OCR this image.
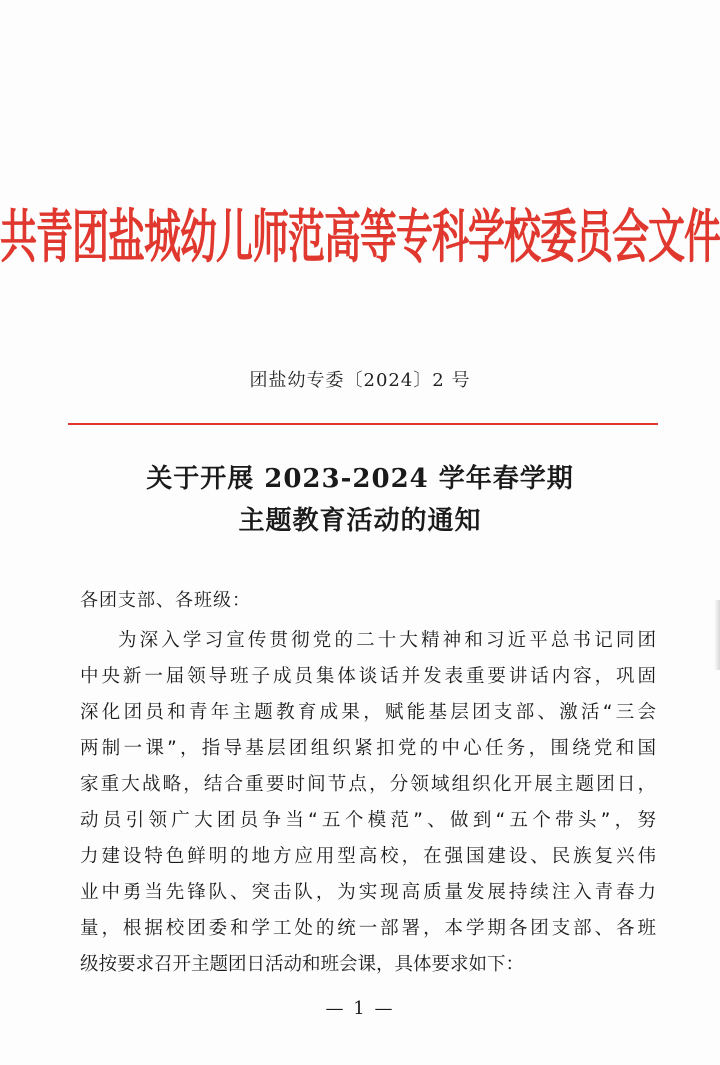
共青团盐城幼儿师范高等专科学校委员会文件
团盐幼专委〔2024〕2 号
关于开展 2023-2024 学年春学期
主题教育活动的通知
各团支部、各班级：
为深入学习宣传贯彻党的二十大精神和习近平总书记同团
中央新一届领导班子成员集体谈话并发表重要讲话内容，巩固
深化团员和青年主题教育成果，赋能基层团支部、激活“三会
两制一课”，指导基层团组织紧扣党的中心任务，围绕党和国
家重大战略，结合重要时间节点，分领域组织化开展主题团日，
动员引领广大团员争当“五个模范”、做到“五个带头”，努
力建设特色鲜明的地方应用型高校，在强国建设、民族复兴伟
业中勇当先锋队、突击队，为实现高质量发展持续注入青春力
量，根据校团委和学工处的统一部署，本学期各团支部、各班
级按要求召开主题团日活动和班会课，具体要求如下：
— 1 —
